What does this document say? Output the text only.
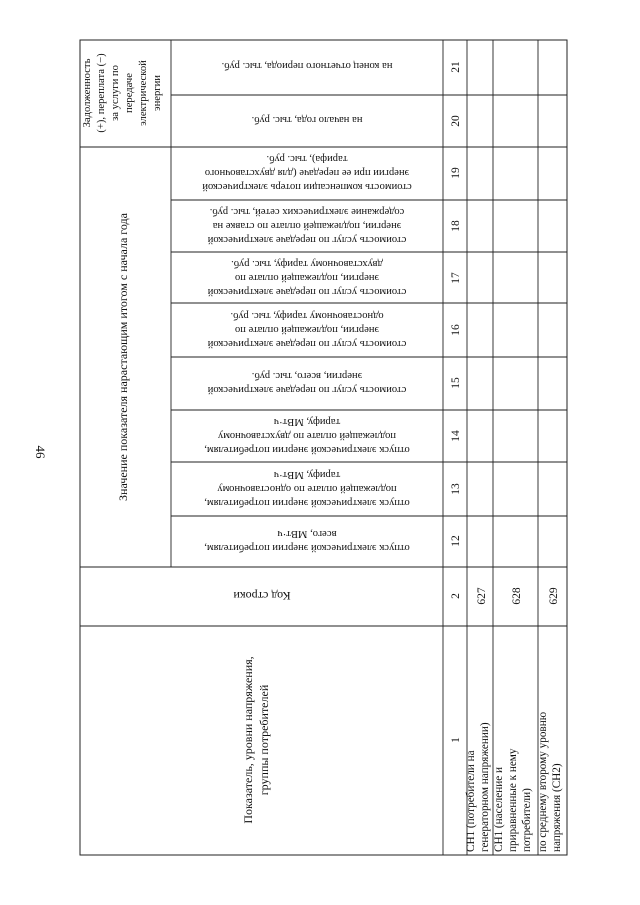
46	Значение показателя нарастающим итогом с начала года
Задолженность (+), переплата (−) за услуги по передаче электрической энергии
на конец отчетного периода, тыс. руб.
на начало года, тыс. руб.
стоимость компенсации потерь электрической
энергии при ее передаче (для двухставочного
тарифа), тыс. руб.
стоимость услуг по передаче электрической
энергии, подлежащей оплате по ставке на
содержание электрических сетей, тыс. руб.
стоимость услуг по передаче электрической
энергии, подлежащей оплате по
двухставочному тарифу, тыс. руб.
стоимость услуг по передаче электрической
энергии, подлежащей оплате по
одноставочному тарифу, тыс. руб.
стоимость услуг по передаче электрической
энергии, всего, тыс. руб.
отпуск электрической энергии потребителям,
подлежащей оплате по двухставочному
тарифу, МВт·ч
отпуск электрической энергии потребителям,
подлежащей оплате по одноставочному
тарифу, МВт·ч
отпуск электрической энергии потребителям,
всего, МВт·ч
Код строки
Показатель, уровни напряжения, группы потребителей
21
20
19
18
17
16
15
14
13
12
2
1
627 628 629
СН1 (потребители на генераторном напряжении) СН1 (население и приравненные к нему потребители) по среднему второму уровню напряжения (СН2)
